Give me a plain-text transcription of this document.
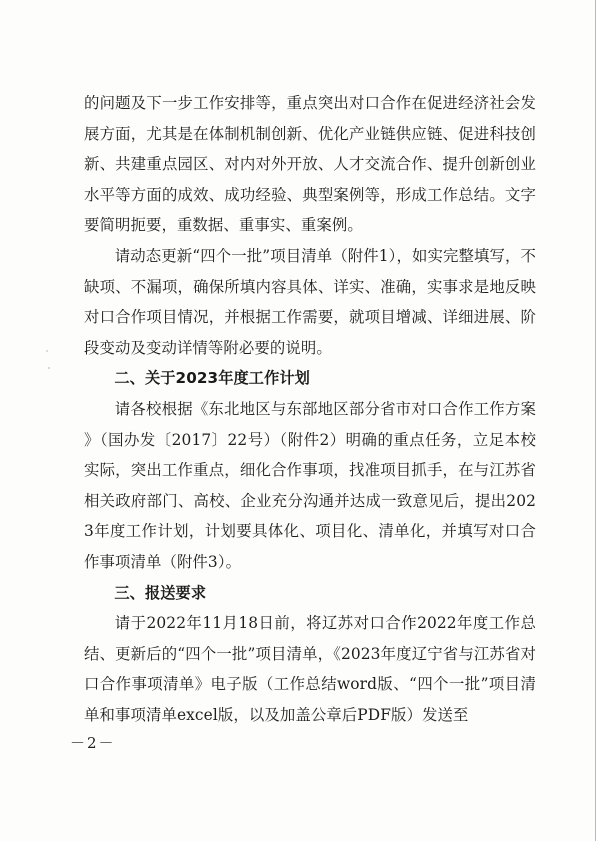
的问题及下一步工作安排等，重点突出对口合作在促进经济社会发展方面，尤其是在体制机制创新、优化产业链供应链、促进科技创新、共建重点园区、对内对外开放、人才交流合作、提升创新创业水平等方面的成效、成功经验、典型案例等，形成工作总结。文字要简明扼要，重数据、重事实、重案例。

请动态更新“四个一批”项目清单（附件1），如实完整填写，不缺项、不漏项，确保所填内容具体、详实、准确，实事求是地反映对口合作项目情况，并根据工作需要，就项目增减、详细进展、阶段变动及变动详情等附必要的说明。

二、关于2023年度工作计划

请各校根据《东北地区与东部地区部分省市对口合作工作方案》（国办发〔2017〕22号）（附件2）明确的重点任务，立足本校实际，突出工作重点，细化合作事项，找准项目抓手，在与江苏省相关政府部门、高校、企业充分沟通并达成一致意见后，提出2023年度工作计划，计划要具体化、项目化、清单化，并填写对口合作事项清单（附件3）。

三、报送要求

请于2022年11月18日前，将辽苏对口合作2022年度工作总结、更新后的“四个一批”项目清单，《2023年度辽宁省与江苏省对口合作事项清单》电子版（工作总结word版、“四个一批”项目清单和事项清单excel版，以及加盖公章后PDF版）发送至

－2－
